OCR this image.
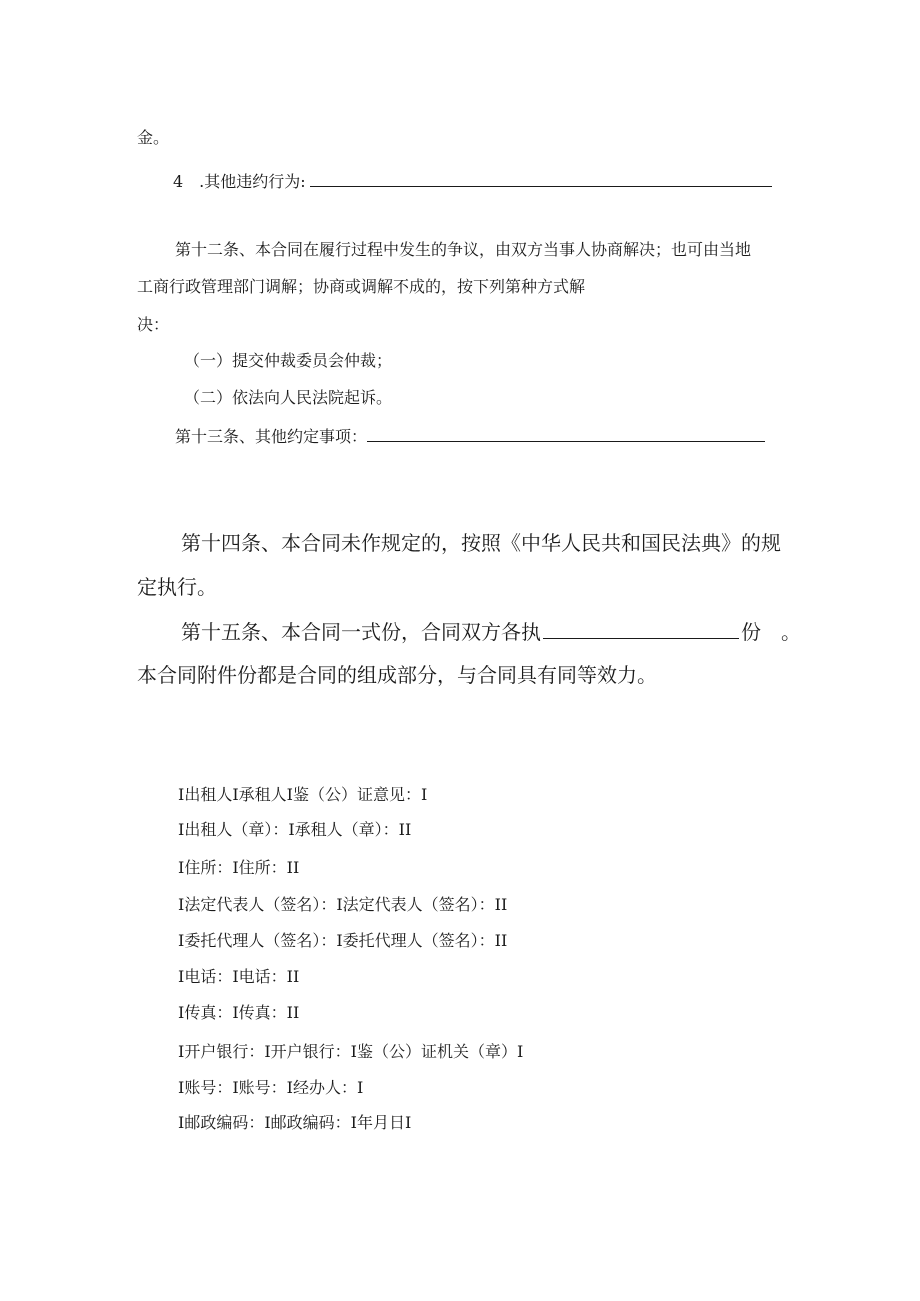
金。
4　.其他违约行为:
第十二条、本合同在履行过程中发生的争议，由双方当事人协商解决；也可由当地
工商行政管理部门调解；协商或调解不成的，按下列第种方式解
决：
（一）提交仲裁委员会仲裁；
（二）依法向人民法院起诉。
第十三条、其他约定事项：
第十四条、本合同未作规定的，按照《中华人民共和国民法典》的规
定执行。
第十五条、本合同一式份，合同双方各执	份　。
本合同附件份都是合同的组成部分，与合同具有同等效力。
I出租人I承租人I鉴（公）证意见：I
I出租人（章）：I承租人（章）：II
I住所：I住所：II
I法定代表人（签名）：I法定代表人（签名）：II
I委托代理人（签名）：I委托代理人（签名）：II
I电话：I电话：II
I传真：I传真：II
I开户银行：I开户银行：I鉴（公）证机关（章）I
I账号：I账号：I经办人：I
I邮政编码：I邮政编码：I年月日I
